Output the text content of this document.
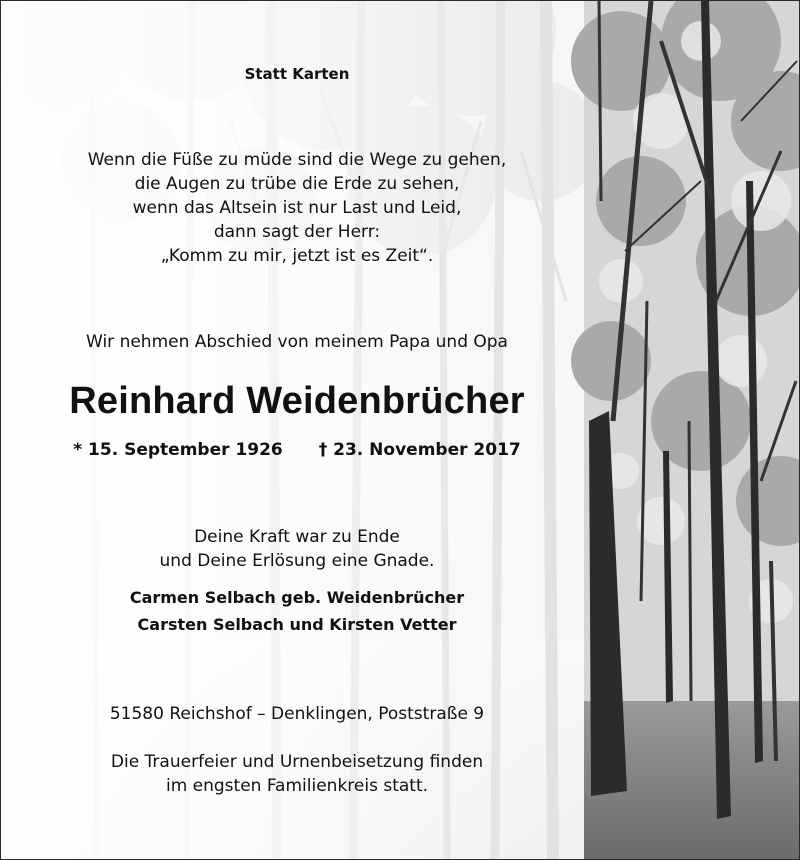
Statt Karten
Wenn die Füße zu müde sind die Wege zu gehen,
die Augen zu trübe die Erde zu sehen,
wenn das Altsein ist nur Last und Leid,
dann sagt der Herr:
„Komm zu mir, jetzt ist es Zeit“.
Wir nehmen Abschied von meinem Papa und Opa
Reinhard Weidenbrücher
* 15. September 1926 † 23. November 2017
Deine Kraft war zu Ende
und Deine Erlösung eine Gnade.
Carmen Selbach geb. Weidenbrücher
Carsten Selbach und Kirsten Vetter
51580 Reichshof – Denklingen, Poststraße 9
Die Trauerfeier und Urnenbeisetzung finden
im engsten Familienkreis statt.
